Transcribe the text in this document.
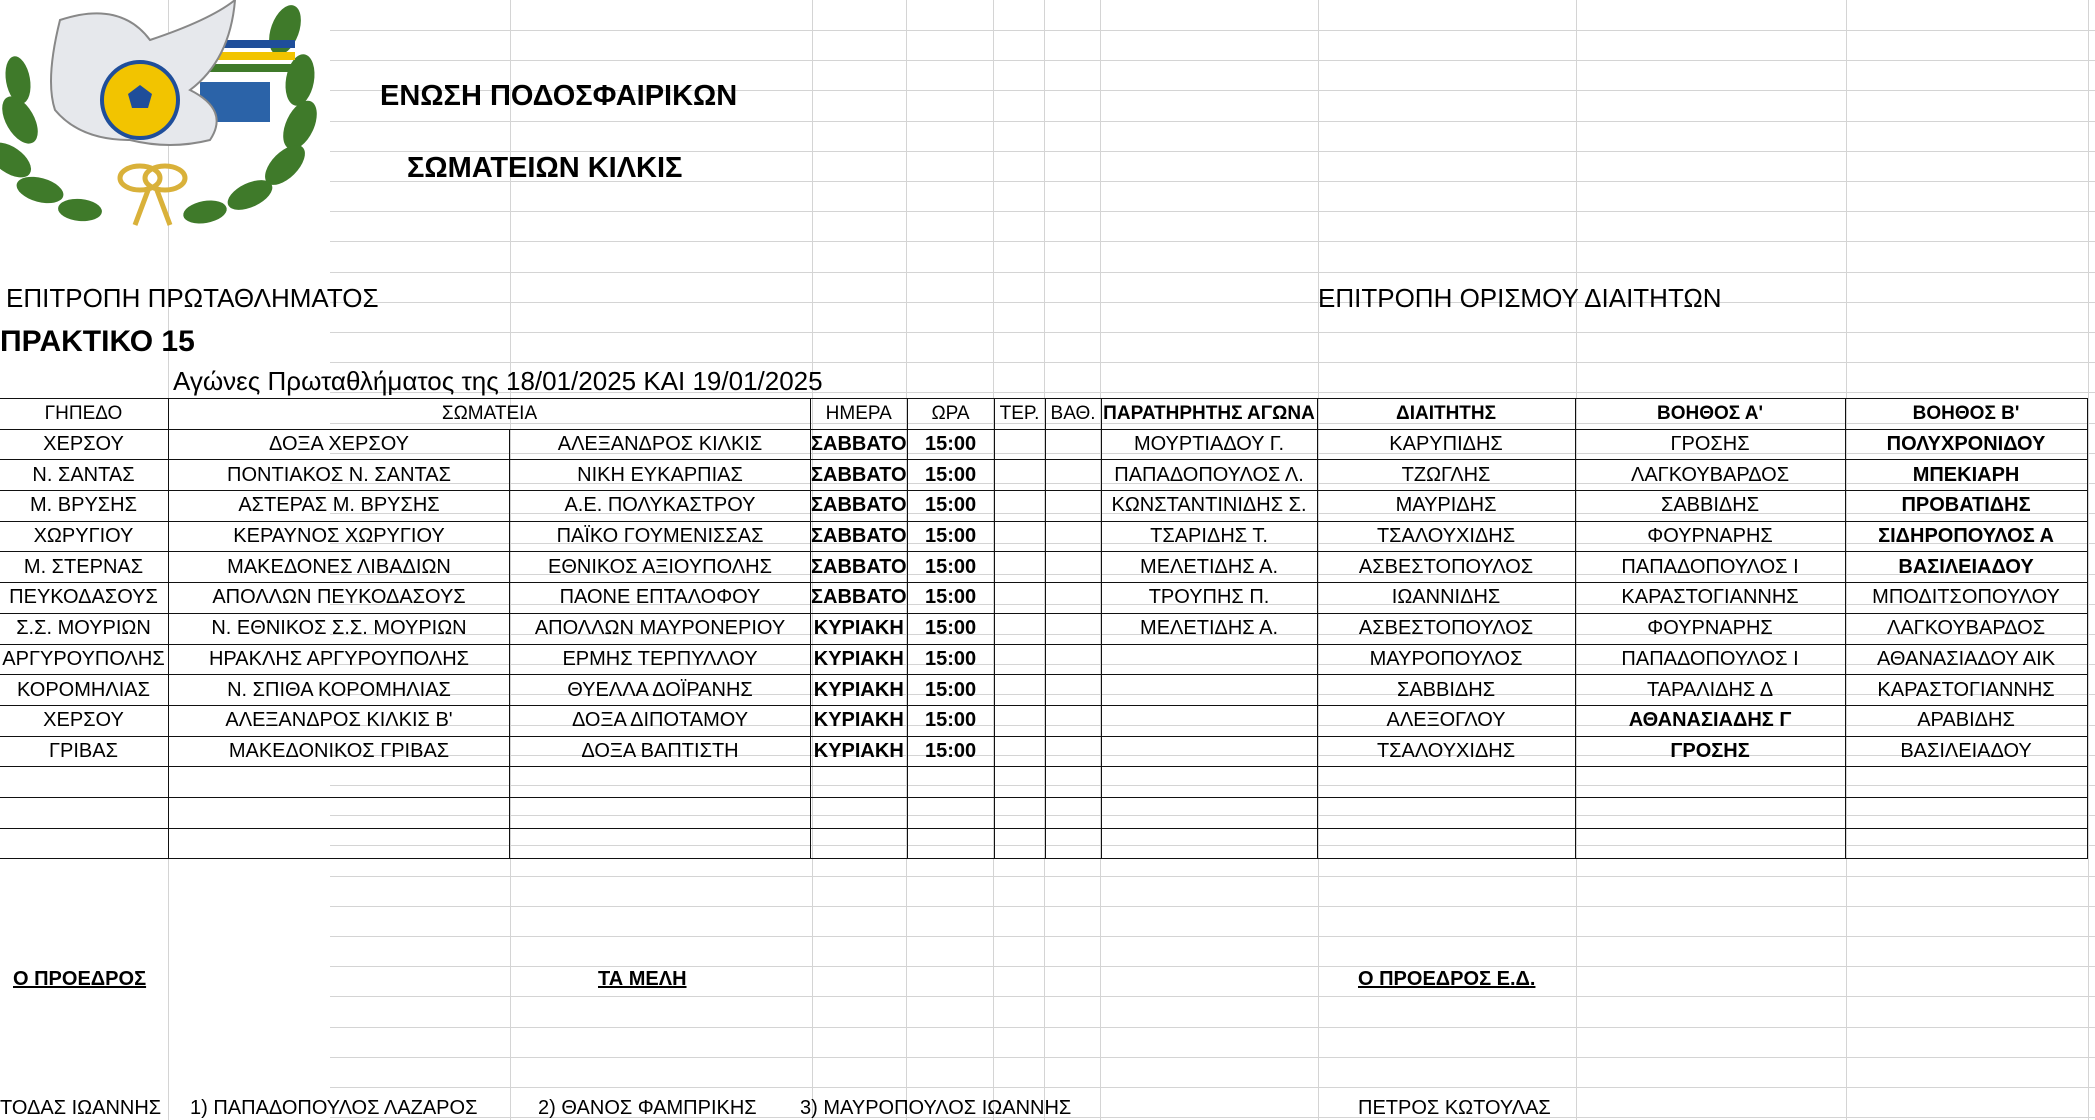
ΕΝΩΣΗ ΠΟΔΟΣΦΑΙΡΙΚΩΝ
ΣΩΜΑΤΕΙΩΝ ΚΙΛΚΙΣ
ΕΠΙΤΡΟΠΗ ΠΡΩΤΑΘΛΗΜΑΤΟΣ	ΕΠΙΤΡΟΠΗ ΟΡΙΣΜΟΥ ΔΙΑΙΤΗΤΩΝ
ΠΡΑΚΤΙΚΟ 15
Αγώνες Πρωταθλήματος της 18/01/2025 ΚΑΙ 19/01/2025
ΓΗΠΕΔΟ	ΣΩΜΑΤΕΙΑ		ΗΜΕΡΑ	ΩΡΑ	ΤΕΡ.	ΒΑΘ.	ΠΑΡΑΤΗΡΗΤΗΣ ΑΓΩΝΑ	ΔΙΑΙΤΗΤΗΣ	ΒΟΗΘΟΣ Α'	ΒΟΗΘΟΣ Β'
ΧΕΡΣΟΥ	ΔΟΞΑ ΧΕΡΣΟΥ	ΑΛΕΞΑΝΔΡΟΣ ΚΙΛΚΙΣ	ΣΑΒΒΑΤΟ	15:00			ΜΟΥΡΤΙΑΔΟΥ Γ.	ΚΑΡΥΠΙΔΗΣ	ΓΡΟΣΗΣ	ΠΟΛΥΧΡΟΝΙΔΟΥ
Ν. ΣΑΝΤΑΣ	ΠΟΝΤΙΑΚΟΣ Ν. ΣΑΝΤΑΣ	ΝΙΚΗ ΕΥΚΑΡΠΙΑΣ	ΣΑΒΒΑΤΟ	15:00			ΠΑΠΑΔΟΠΟΥΛΟΣ Λ.	ΤΖΩΓΛΗΣ	ΛΑΓΚΟΥΒΑΡΔΟΣ	ΜΠΕΚΙΑΡΗ
Μ. ΒΡΥΣΗΣ	ΑΣΤΕΡΑΣ Μ. ΒΡΥΣΗΣ	Α.Ε. ΠΟΛΥΚΑΣΤΡΟΥ	ΣΑΒΒΑΤΟ	15:00			ΚΩΝΣΤΑΝΤΙΝΙΔΗΣ Σ.	ΜΑΥΡΙΔΗΣ	ΣΑΒΒΙΔΗΣ	ΠΡΟΒΑΤΙΔΗΣ
ΧΩΡΥΓΙΟΥ	ΚΕΡΑΥΝΟΣ ΧΩΡΥΓΙΟΥ	ΠΑΪΚΟ ΓΟΥΜΕΝΙΣΣΑΣ	ΣΑΒΒΑΤΟ	15:00			ΤΣΑΡΙΔΗΣ Τ.	ΤΣΑΛΟΥΧΙΔΗΣ	ΦΟΥΡΝΑΡΗΣ	ΣΙΔΗΡΟΠΟΥΛΟΣ Α
Μ. ΣΤΕΡΝΑΣ	ΜΑΚΕΔΟΝΕΣ ΛΙΒΑΔΙΩΝ	ΕΘΝΙΚΟΣ ΑΞΙΟΥΠΟΛΗΣ	ΣΑΒΒΑΤΟ	15:00			ΜΕΛΕΤΙΔΗΣ Α.	ΑΣΒΕΣΤΟΠΟΥΛΟΣ	ΠΑΠΑΔΟΠΟΥΛΟΣ Ι	ΒΑΣΙΛΕΙΑΔΟΥ
ΠΕΥΚΟΔΑΣΟΥΣ	ΑΠΟΛΛΩΝ ΠΕΥΚΟΔΑΣΟΥΣ	ΠΑΟΝΕ ΕΠΤΑΛΟΦΟΥ	ΣΑΒΒΑΤΟ	15:00			ΤΡΟΥΠΗΣ Π.	ΙΩΑΝΝΙΔΗΣ	ΚΑΡΑΣΤΟΓΙΑΝΝΗΣ	ΜΠΟΔΙΤΣΟΠΟΥΛΟΥ
Σ.Σ. ΜΟΥΡΙΩΝ	Ν. ΕΘΝΙΚΟΣ Σ.Σ. ΜΟΥΡΙΩΝ	ΑΠΟΛΛΩΝ ΜΑΥΡΟΝΕΡΙΟΥ	ΚΥΡΙΑΚΗ	15:00			ΜΕΛΕΤΙΔΗΣ Α.	ΑΣΒΕΣΤΟΠΟΥΛΟΣ	ΦΟΥΡΝΑΡΗΣ	ΛΑΓΚΟΥΒΑΡΔΟΣ
ΑΡΓΥΡΟΥΠΟΛΗΣ	ΗΡΑΚΛΗΣ ΑΡΓΥΡΟΥΠΟΛΗΣ	ΕΡΜΗΣ ΤΕΡΠΥΛΛΟΥ	ΚΥΡΙΑΚΗ	15:00				ΜΑΥΡΟΠΟΥΛΟΣ	ΠΑΠΑΔΟΠΟΥΛΟΣ Ι	ΑΘΑΝΑΣΙΑΔΟΥ ΑΙΚ
ΚΟΡΟΜΗΛΙΑΣ	Ν. ΣΠΙΘΑ ΚΟΡΟΜΗΛΙΑΣ	ΘΥΕΛΛΑ ΔΟΪΡΑΝΗΣ	ΚΥΡΙΑΚΗ	15:00				ΣΑΒΒΙΔΗΣ	ΤΑΡΑΛΙΔΗΣ Δ	ΚΑΡΑΣΤΟΓΙΑΝΝΗΣ
ΧΕΡΣΟΥ	ΑΛΕΞΑΝΔΡΟΣ ΚΙΛΚΙΣ Β'	ΔΟΞΑ ΔΙΠΟΤΑΜΟΥ	ΚΥΡΙΑΚΗ	15:00				ΑΛΕΞΟΓΛΟΥ	ΑΘΑΝΑΣΙΑΔΗΣ Γ	ΑΡΑΒΙΔΗΣ
ΓΡΙΒΑΣ	ΜΑΚΕΔΟΝΙΚΟΣ ΓΡΙΒΑΣ	ΔΟΞΑ ΒΑΠΤΙΣΤΗ	ΚΥΡΙΑΚΗ	15:00				ΤΣΑΛΟΥΧΙΔΗΣ	ΓΡΟΣΗΣ	ΒΑΣΙΛΕΙΑΔΟΥ

Ο ΠΡΟΕΔΡΟΣ	ΤΑ ΜΕΛΗ	Ο ΠΡΟΕΔΡΟΣ Ε.Δ.
ΤΟΔΑΣ ΙΩΑΝΝΗΣ 1) ΠΑΠΑΔΟΠΟΥΛΟΣ ΛΑΖΑΡΟΣ	2) ΘΑΝΟΣ ΦΑΜΠΡΙΚΗΣ 3) ΜΑΥΡΟΠΟΥΛΟΣ ΙΩΑΝΝΗΣ	ΠΕΤΡΟΣ ΚΩΤΟΥΛΑΣ
